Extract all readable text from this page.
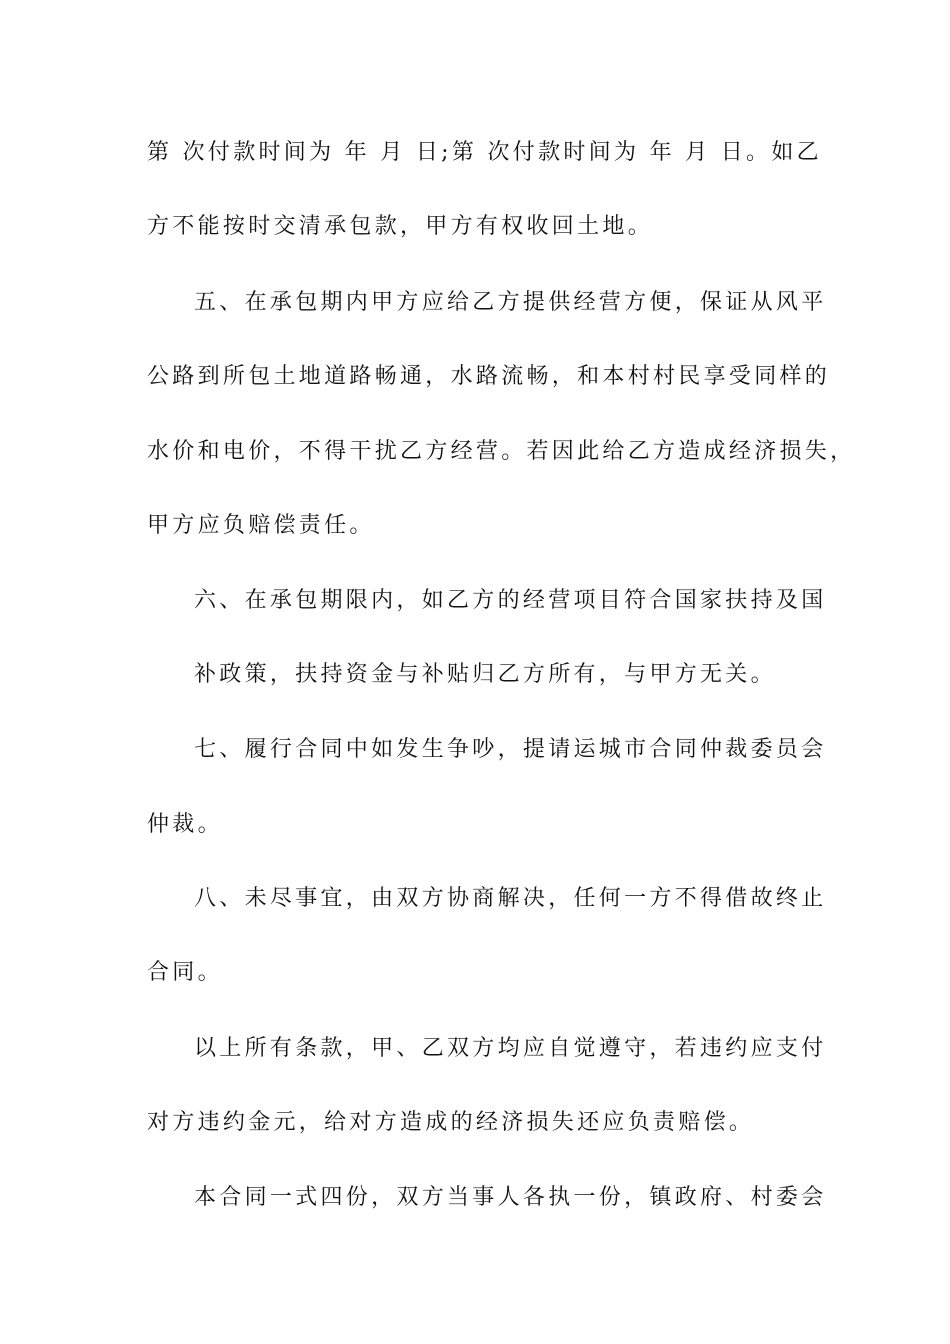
第 次付款时间为 年 月 日;第 次付款时间为 年 月 日。如乙

方不能按时交清承包款，甲方有权收回土地。

五、在承包期内甲方应给乙方提供经营方便，保证从风平

公路到所包土地道路畅通，水路流畅，和本村村民享受同样的

水价和电价，不得干扰乙方经营。若因此给乙方造成经济损失，

甲方应负赔偿责任。

六、在承包期限内，如乙方的经营项目符合国家扶持及国

补政策，扶持资金与补贴归乙方所有，与甲方无关。

七、履行合同中如发生争吵，提请运城市合同仲裁委员会

仲裁。

八、未尽事宜，由双方协商解决，任何一方不得借故终止

合同。

以上所有条款，甲、乙双方均应自觉遵守，若违约应支付

对方违约金元，给对方造成的经济损失还应负责赔偿。

本合同一式四份，双方当事人各执一份，镇政府、村委会
